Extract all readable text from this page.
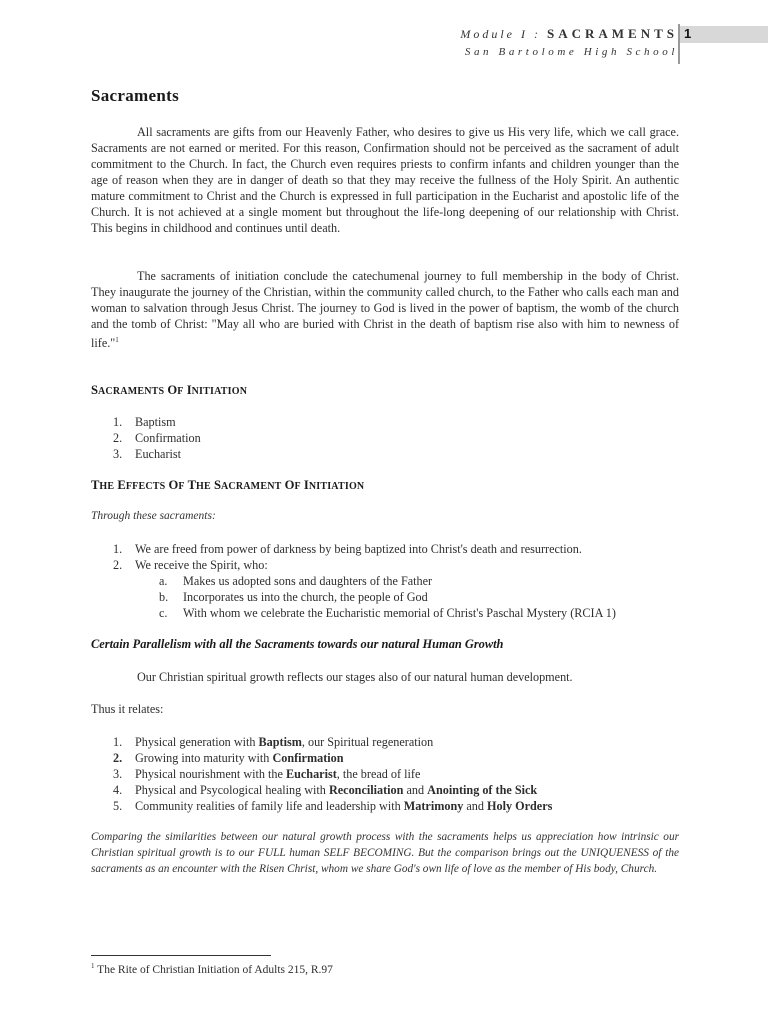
Module I : SACRAMENTS
San Bartolome High School
1
Sacraments
All sacraments are gifts from our Heavenly Father, who desires to give us His very life, which we call grace. Sacraments are not earned or merited. For this reason, Confirmation should not be perceived as the sacrament of adult commitment to the Church. In fact, the Church even requires priests to confirm infants and children younger than the age of reason when they are in danger of death so that they may receive the fullness of the Holy Spirit. An authentic mature commitment to Christ and the Church is expressed in full participation in the Eucharist and apostolic life of the Church. It is not achieved at a single moment but throughout the life-long deepening of our relationship with Christ. This begins in childhood and continues until death.
The sacraments of initiation conclude the catechumenal journey to full membership in the body of Christ. They inaugurate the journey of the Christian, within the community called church, to the Father who calls each man and woman to salvation through Jesus Christ. The journey to God is lived in the power of baptism, the womb of the church and the tomb of Christ: "May all who are buried with Christ in the death of baptism rise also with him to newness of life."$^1$
SACRAMENTS OF INITIATION
1. Baptism
2. Confirmation
3. Eucharist
THE EFFECTS OF THE SACRAMENT OF INITIATION
Through these sacraments:
1. We are freed from power of darkness by being baptized into Christ's death and resurrection.
2. We receive the Spirit, who:
a. Makes us adopted sons and daughters of the Father
b. Incorporates us into the church, the people of God
c. With whom we celebrate the Eucharistic memorial of Christ's Paschal Mystery (RCIA 1)
Certain Parallelism with all the Sacraments towards our natural Human Growth
Our Christian spiritual growth reflects our stages also of our natural human development.
Thus it relates:
1. Physical generation with Baptism, our Spiritual regeneration
2. Growing into maturity with Confirmation
3. Physical nourishment with the Eucharist, the bread of life
4. Physical and Psycological healing with Reconciliation and Anointing of the Sick
5. Community realities of family life and leadership with Matrimony and Holy Orders
Comparing the similarities between our natural growth process with the sacraments helps us appreciation how intrinsic our Christian spiritual growth is to our FULL human SELF BECOMING. But the comparison brings out the UNIQUENESS of the sacraments as an encounter with the Risen Christ, whom we share God's own life of love as the member of His body, Church.
$^1$ The Rite of Christian Initiation of Adults 215, R.97
